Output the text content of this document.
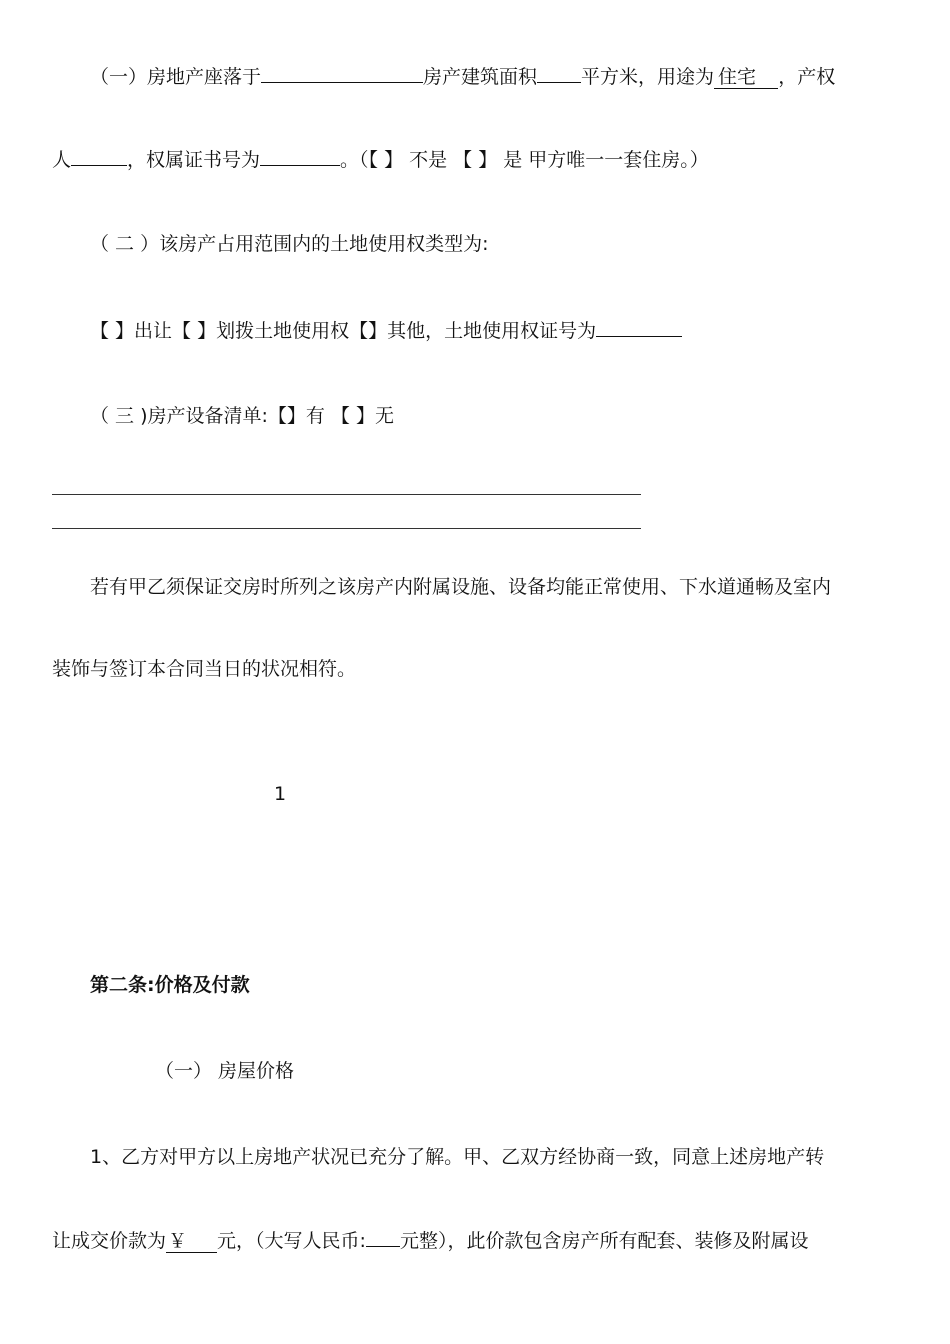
（一）房地产座落于	房产建筑面积 平方米，用途为 住宅 ，产权
人	，权属证书号为	。（【 】 不是 【 】 是 甲方唯一一套住房。）
（ 二 ）该房产占用范围内的土地使用权类型为:
【 】出让【 】划拨土地使用权【】其他，土地使用权证号为
（ 三 )房产设备清单:【】有 【 】无
若有甲乙须保证交房时所列之该房产内附属设施、设备均能正常使用、下水道通畅及室内
装饰与签订本合同当日的状况相符。
1
第二条:价格及付款
（一） 房屋价格
1、乙方对甲方以上房地产状况已充分了解。甲、乙双方经协商一致，同意上述房地产转
让成交价款为 ￥ 元，（大写人民币: 元整），此价款包含房产所有配套、装修及附属设
